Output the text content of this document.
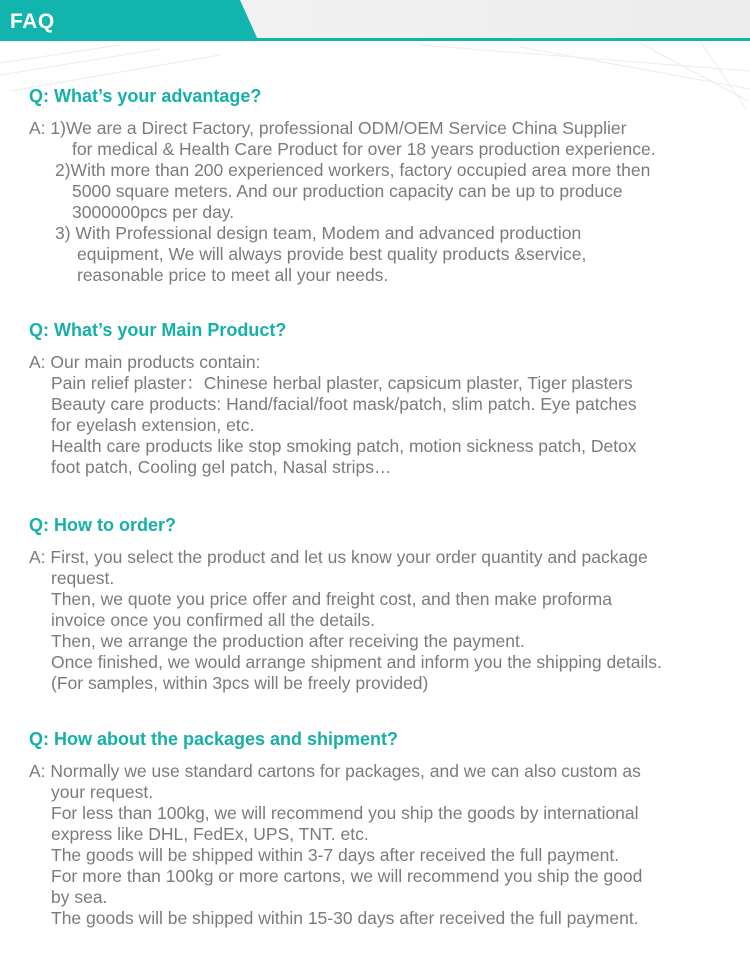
FAQ
Q: What’s your advantage?
A: 1)We are a Direct Factory, professional ODM/OEM Service China Supplier
for medical & Health Care Product for over 18 years production experience.
2)With more than 200 experienced workers, factory occupied area more then
5000 square meters. And our production capacity can be up to produce
3000000pcs per day.
3) With Professional design team, Modem and advanced production
equipment, We will always provide best quality products &service,
reasonable price to meet all your needs.
Q: What’s your Main Product?
A: Our main products contain:
Pain relief plaster：Chinese herbal plaster, capsicum plaster, Tiger plasters
Beauty care products: Hand/facial/foot mask/patch, slim patch. Eye patches
for eyelash extension, etc.
Health care products like stop smoking patch, motion sickness patch, Detox
foot patch, Cooling gel patch, Nasal strips…
Q: How to order?
A: First, you select the product and let us know your order quantity and package
request.
Then, we quote you price offer and freight cost, and then make proforma
invoice once you confirmed all the details.
Then, we arrange the production after receiving the payment.
Once finished, we would arrange shipment and inform you the shipping details.
(For samples, within 3pcs will be freely provided)
Q: How about the packages and shipment?
A: Normally we use standard cartons for packages, and we can also custom as
your request.
For less than 100kg, we will recommend you ship the goods by international
express like DHL, FedEx, UPS, TNT. etc.
The goods will be shipped within 3-7 days after received the full payment.
For more than 100kg or more cartons, we will recommend you ship the good
by sea.
The goods will be shipped within 15-30 days after received the full payment.
